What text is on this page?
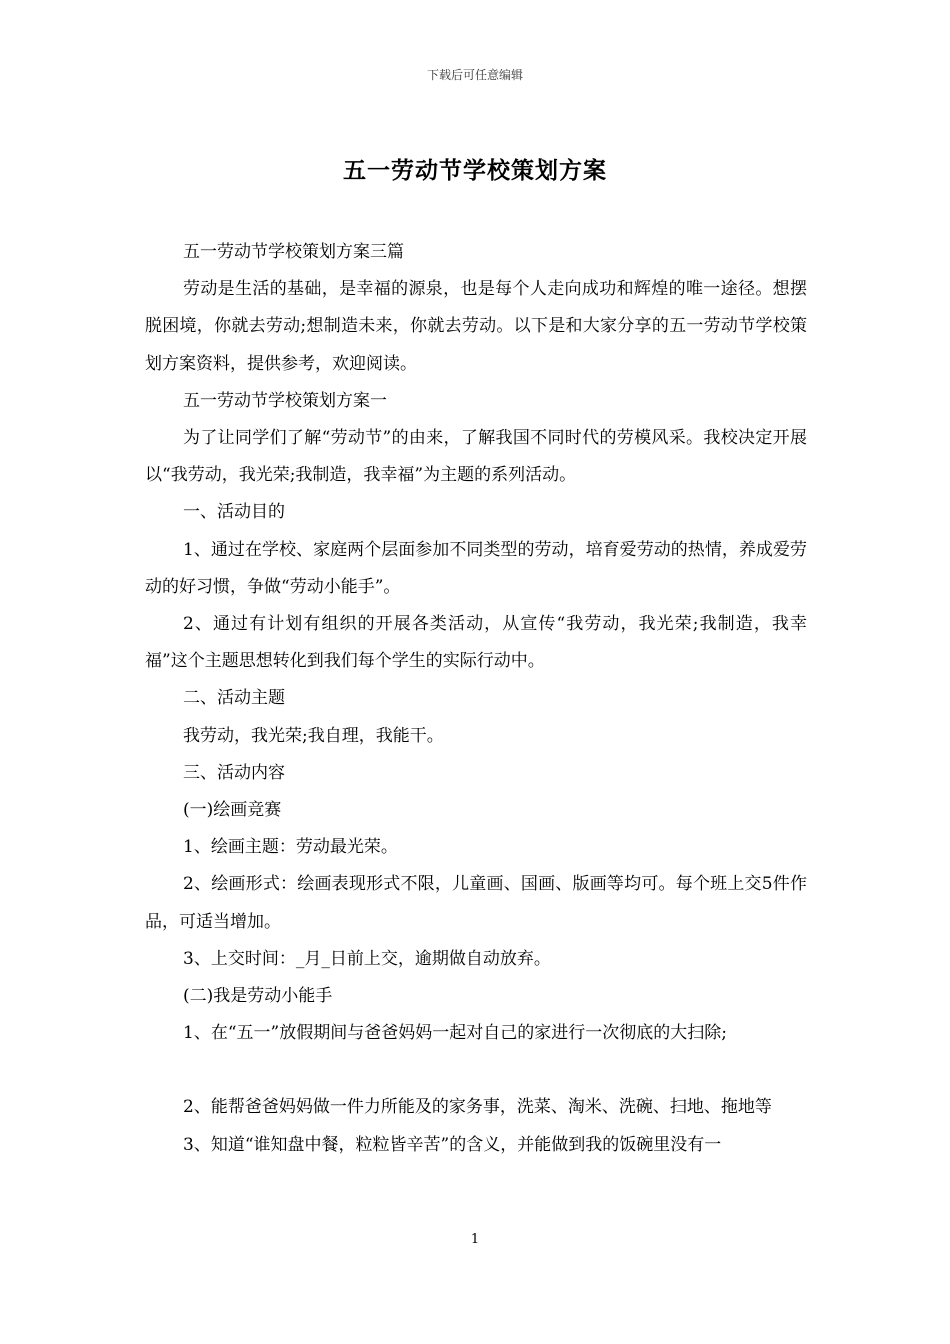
下载后可任意编辑
五一劳动节学校策划方案

五一劳动节学校策划方案三篇

劳动是生活的基础，是幸福的源泉，也是每个人走向成功和辉煌的唯一途径。想摆脱困境，你就去劳动;想制造未来，你就去劳动。以下是和大家分享的五一劳动节学校策划方案资料，提供参考，欢迎阅读。

五一劳动节学校策划方案一

为了让同学们了解“劳动节”的由来，了解我国不同时代的劳模风采。我校决定开展以“我劳动，我光荣;我制造，我幸福”为主题的系列活动。

一、活动目的

1、通过在学校、家庭两个层面参加不同类型的劳动，培育爱劳动的热情，养成爱劳动的好习惯，争做“劳动小能手”。

2、通过有计划有组织的开展各类活动，从宣传“我劳动，我光荣;我制造，我幸福”这个主题思想转化到我们每个学生的实际行动中。

二、活动主题

我劳动，我光荣;我自理，我能干。

三、活动内容

(一)绘画竞赛

1、绘画主题：劳动最光荣。

2、绘画形式：绘画表现形式不限，儿童画、国画、版画等均可。每个班上交5件作品，可适当增加。

3、上交时间：_月_日前上交，逾期做自动放弃。

(二)我是劳动小能手

1、在“五一”放假期间与爸爸妈妈一起对自己的家进行一次彻底的大扫除;

2、能帮爸爸妈妈做一件力所能及的家务事，洗菜、淘米、洗碗、扫地、拖地等

3、知道“谁知盘中餐，粒粒皆辛苦”的含义，并能做到我的饭碗里没有一

1
